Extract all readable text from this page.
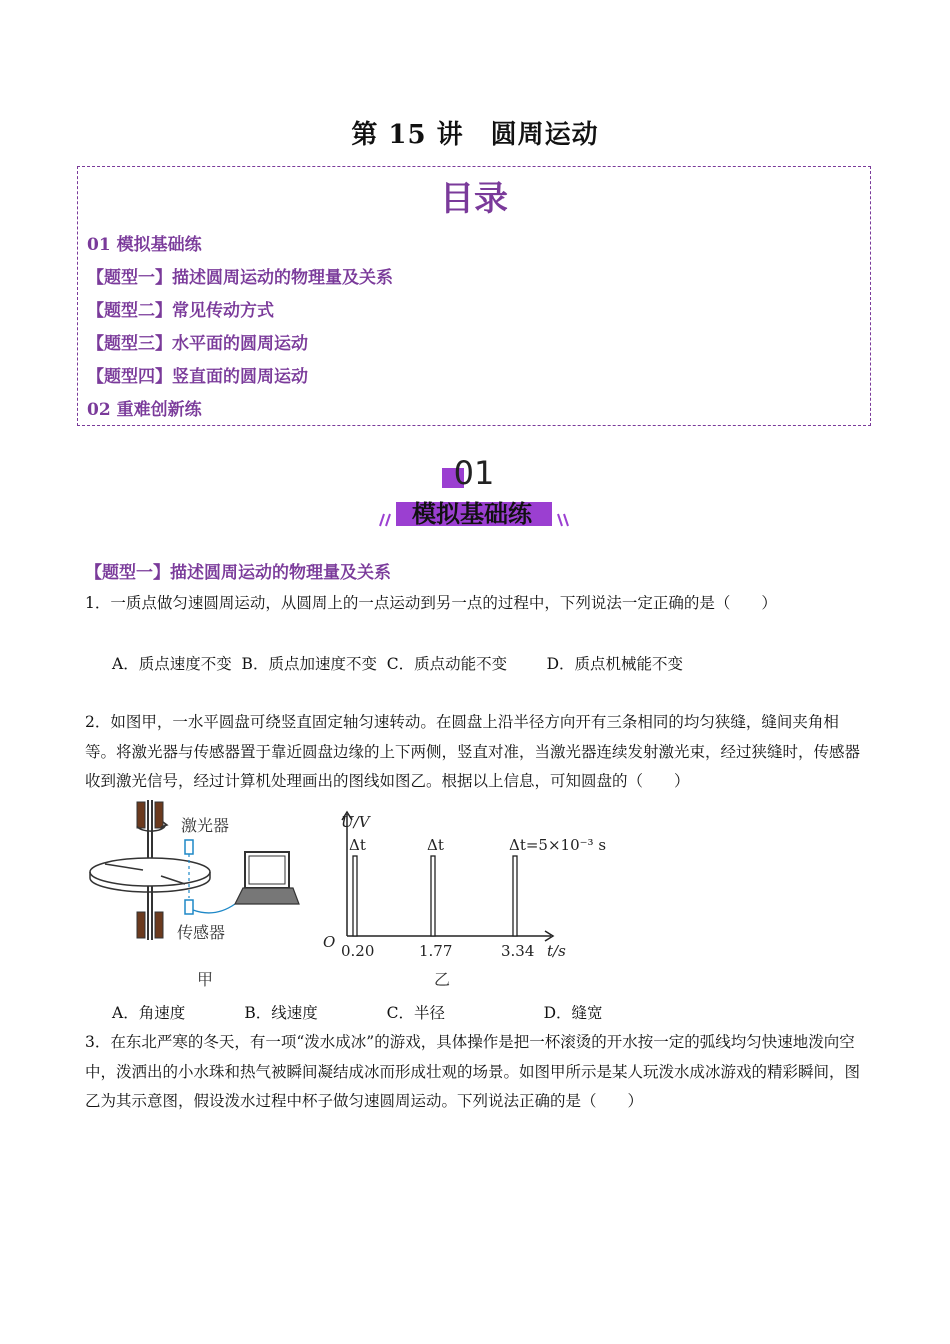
第 15 讲　圆周运动
目录
01 模拟基础练
【题型一】描述圆周运动的物理量及关系
【题型二】常见传动方式
【题型三】水平面的圆周运动
【题型四】竖直面的圆周运动
02 重难创新练
01
模拟基础练
【题型一】描述圆周运动的物理量及关系
1．一质点做匀速圆周运动，从圆周上的一点运动到另一点的过程中，下列说法一定正确的是（　　）
A．质点速度不变  B．质点加速度不变  C．质点动能不变        D．质点机械能不变
2．如图甲，一水平圆盘可绕竖直固定轴匀速转动。在圆盘上沿半径方向开有三条相同的均匀狭缝，缝间夹角相等。将激光器与传感器置于靠近圆盘边缘的上下两侧，竖直对准，当激光器连续发射激光束，经过狭缝时，传感器收到激光信号，经过计算机处理画出的图线如图乙。根据以上信息，可知圆盘的（　　）
激光器
传感器
甲
U/V
t/s
O
Δt	Δt	Δt=5×10⁻³ s
0.20	1.77	3.34
乙
A．角速度            B．线速度              C．半径                    D．缝宽
3．在东北严寒的冬天，有一项“泼水成冰”的游戏，具体操作是把一杯滚烫的开水按一定的弧线均匀快速地泼向空中，泼洒出的小水珠和热气被瞬间凝结成冰而形成壮观的场景。如图甲所示是某人玩泼水成冰游戏的精彩瞬间，图乙为其示意图，假设泼水过程中杯子做匀速圆周运动。下列说法正确的是（　　）
